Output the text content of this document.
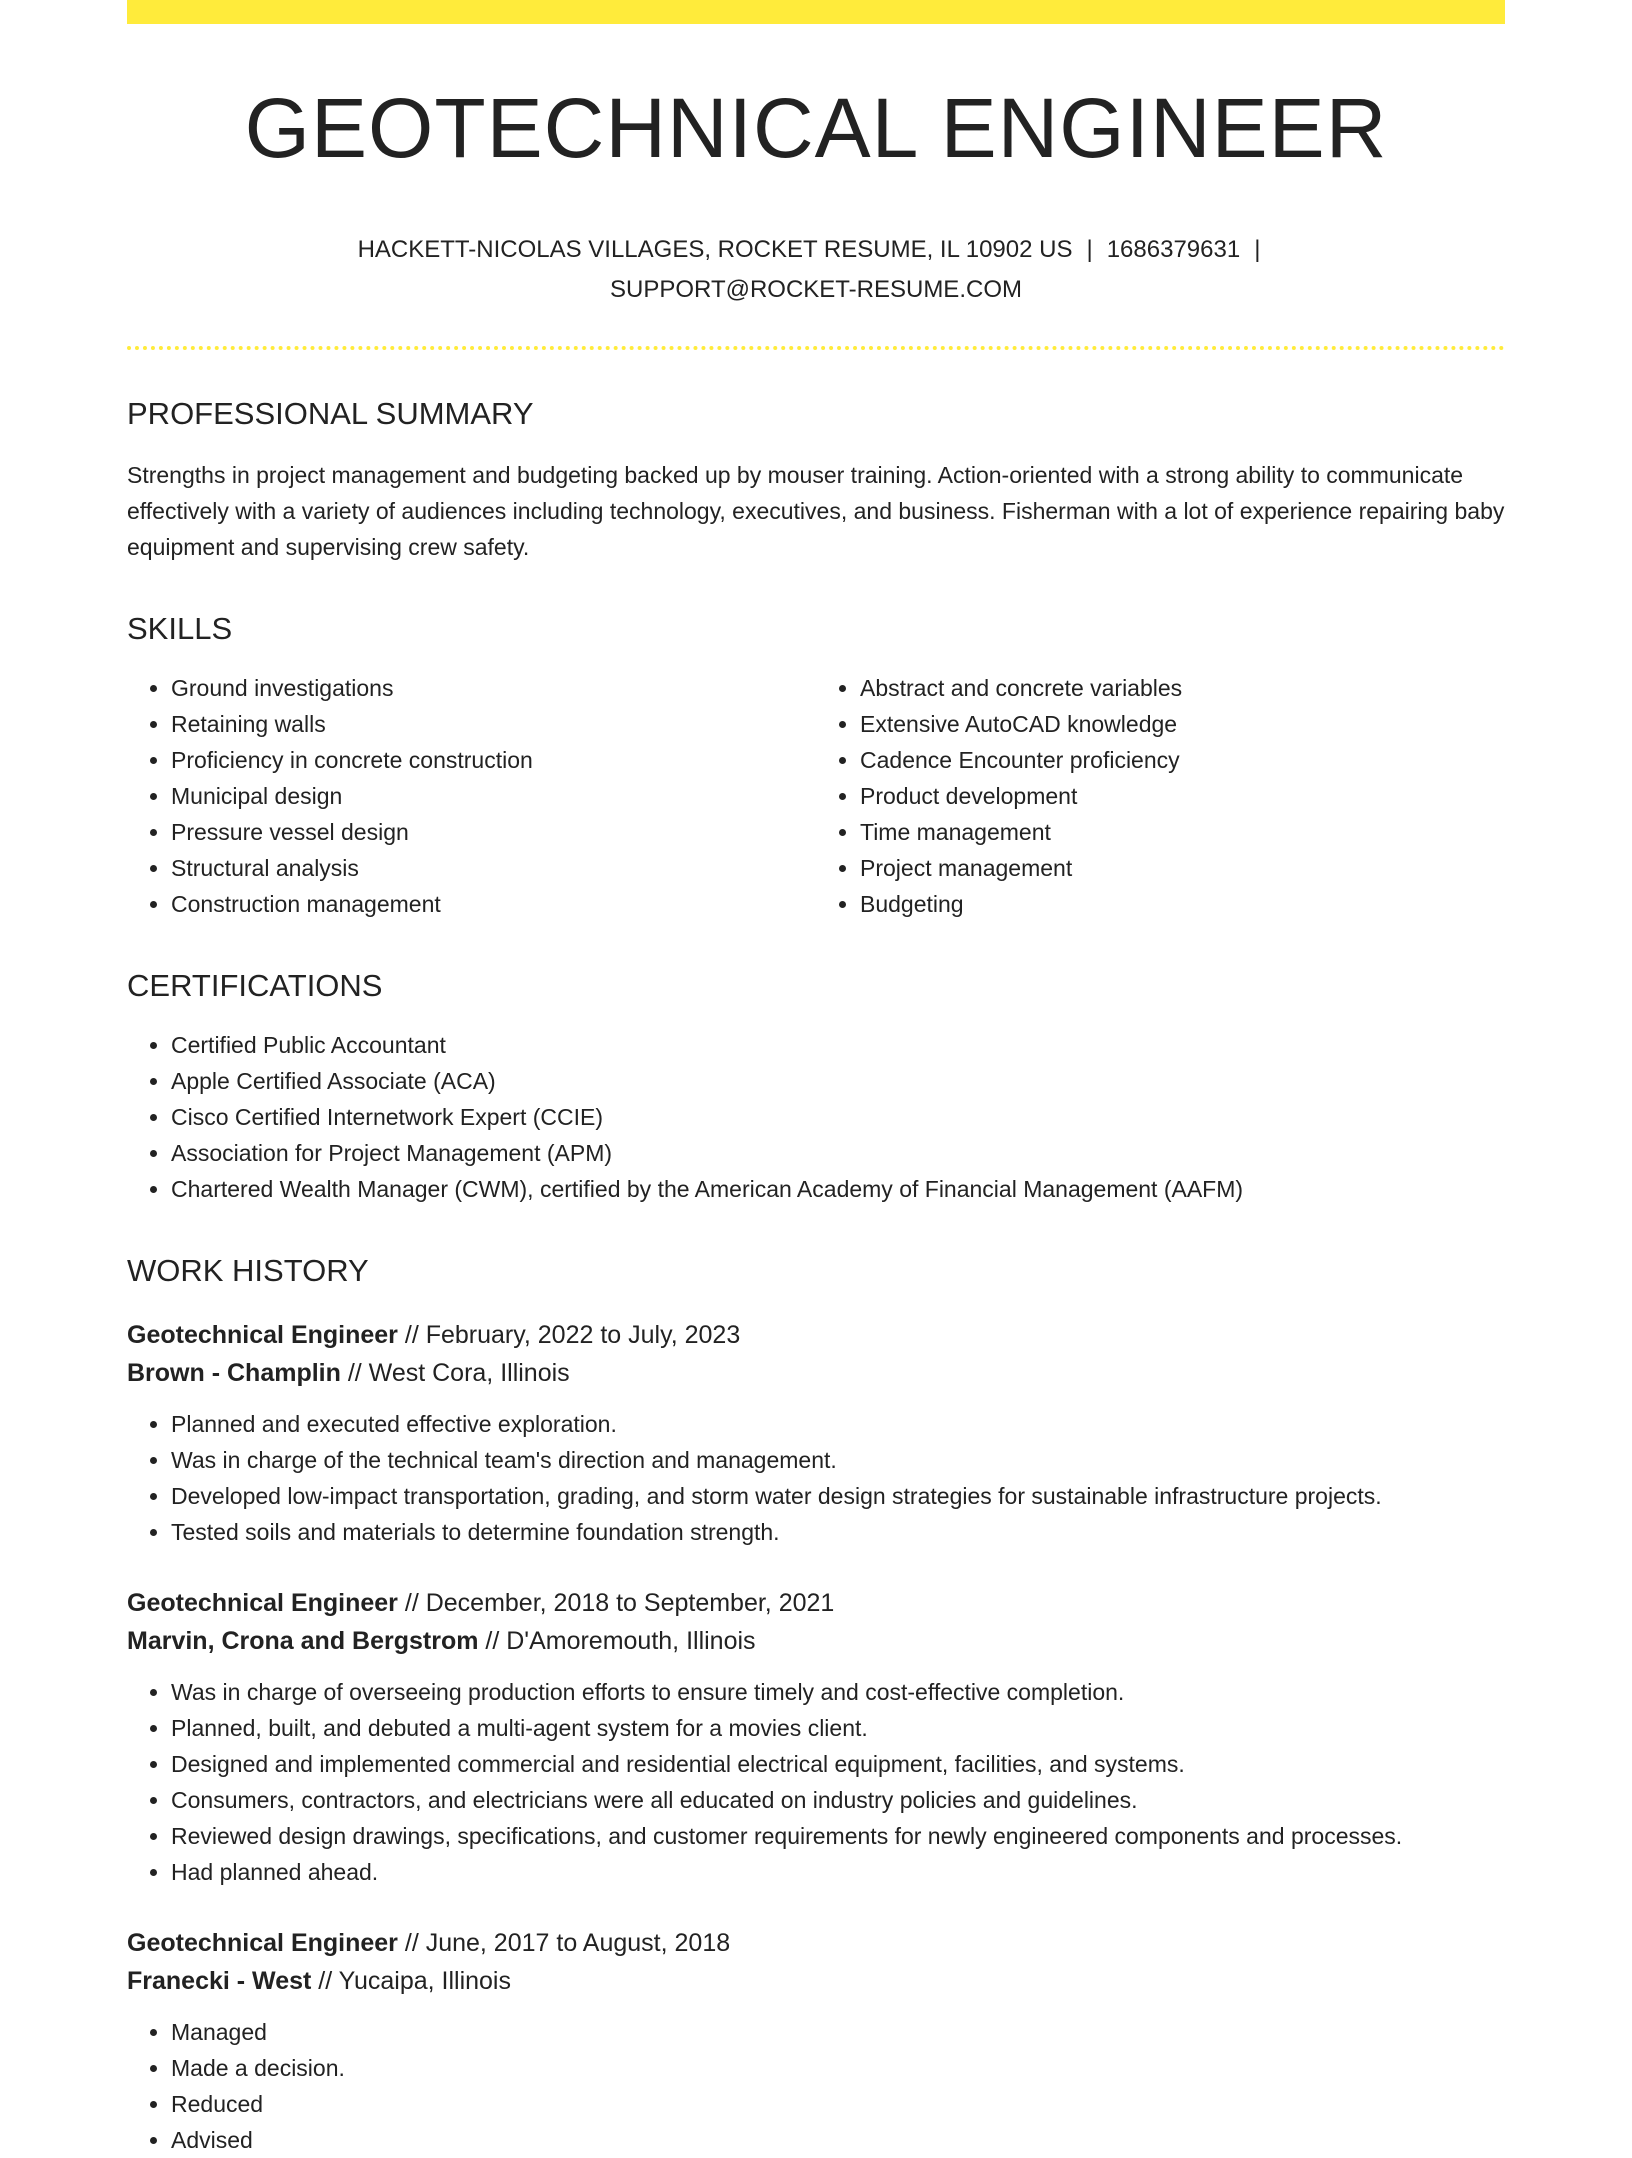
GEOTECHNICAL ENGINEER
HACKETT-NICOLAS VILLAGES, ROCKET RESUME, IL 10902 US | 1686379631 |
SUPPORT@ROCKET-RESUME.COM
PROFESSIONAL SUMMARY
Strengths in project management and budgeting backed up by mouser training. Action-oriented with a strong ability to communicate effectively with a variety of audiences including technology, executives, and business. Fisherman with a lot of experience repairing baby equipment and supervising crew safety.
SKILLS
• Ground investigations
• Retaining walls
• Proficiency in concrete construction
• Municipal design
• Pressure vessel design
• Structural analysis
• Construction management
• Abstract and concrete variables
• Extensive AutoCAD knowledge
• Cadence Encounter proficiency
• Product development
• Time management
• Project management
• Budgeting
CERTIFICATIONS
• Certified Public Accountant
• Apple Certified Associate (ACA)
• Cisco Certified Internetwork Expert (CCIE)
• Association for Project Management (APM)
• Chartered Wealth Manager (CWM), certified by the American Academy of Financial Management (AAFM)
WORK HISTORY
Geotechnical Engineer // February, 2022 to July, 2023
Brown - Champlin // West Cora, Illinois
• Planned and executed effective exploration.
• Was in charge of the technical team's direction and management.
• Developed low-impact transportation, grading, and storm water design strategies for sustainable infrastructure projects.
• Tested soils and materials to determine foundation strength.
Geotechnical Engineer // December, 2018 to September, 2021
Marvin, Crona and Bergstrom // D'Amoremouth, Illinois
• Was in charge of overseeing production efforts to ensure timely and cost-effective completion.
• Planned, built, and debuted a multi-agent system for a movies client.
• Designed and implemented commercial and residential electrical equipment, facilities, and systems.
• Consumers, contractors, and electricians were all educated on industry policies and guidelines.
• Reviewed design drawings, specifications, and customer requirements for newly engineered components and processes.
• Had planned ahead.
Geotechnical Engineer // June, 2017 to August, 2018
Franecki - West // Yucaipa, Illinois
• Managed
• Made a decision.
• Reduced
• Advised
